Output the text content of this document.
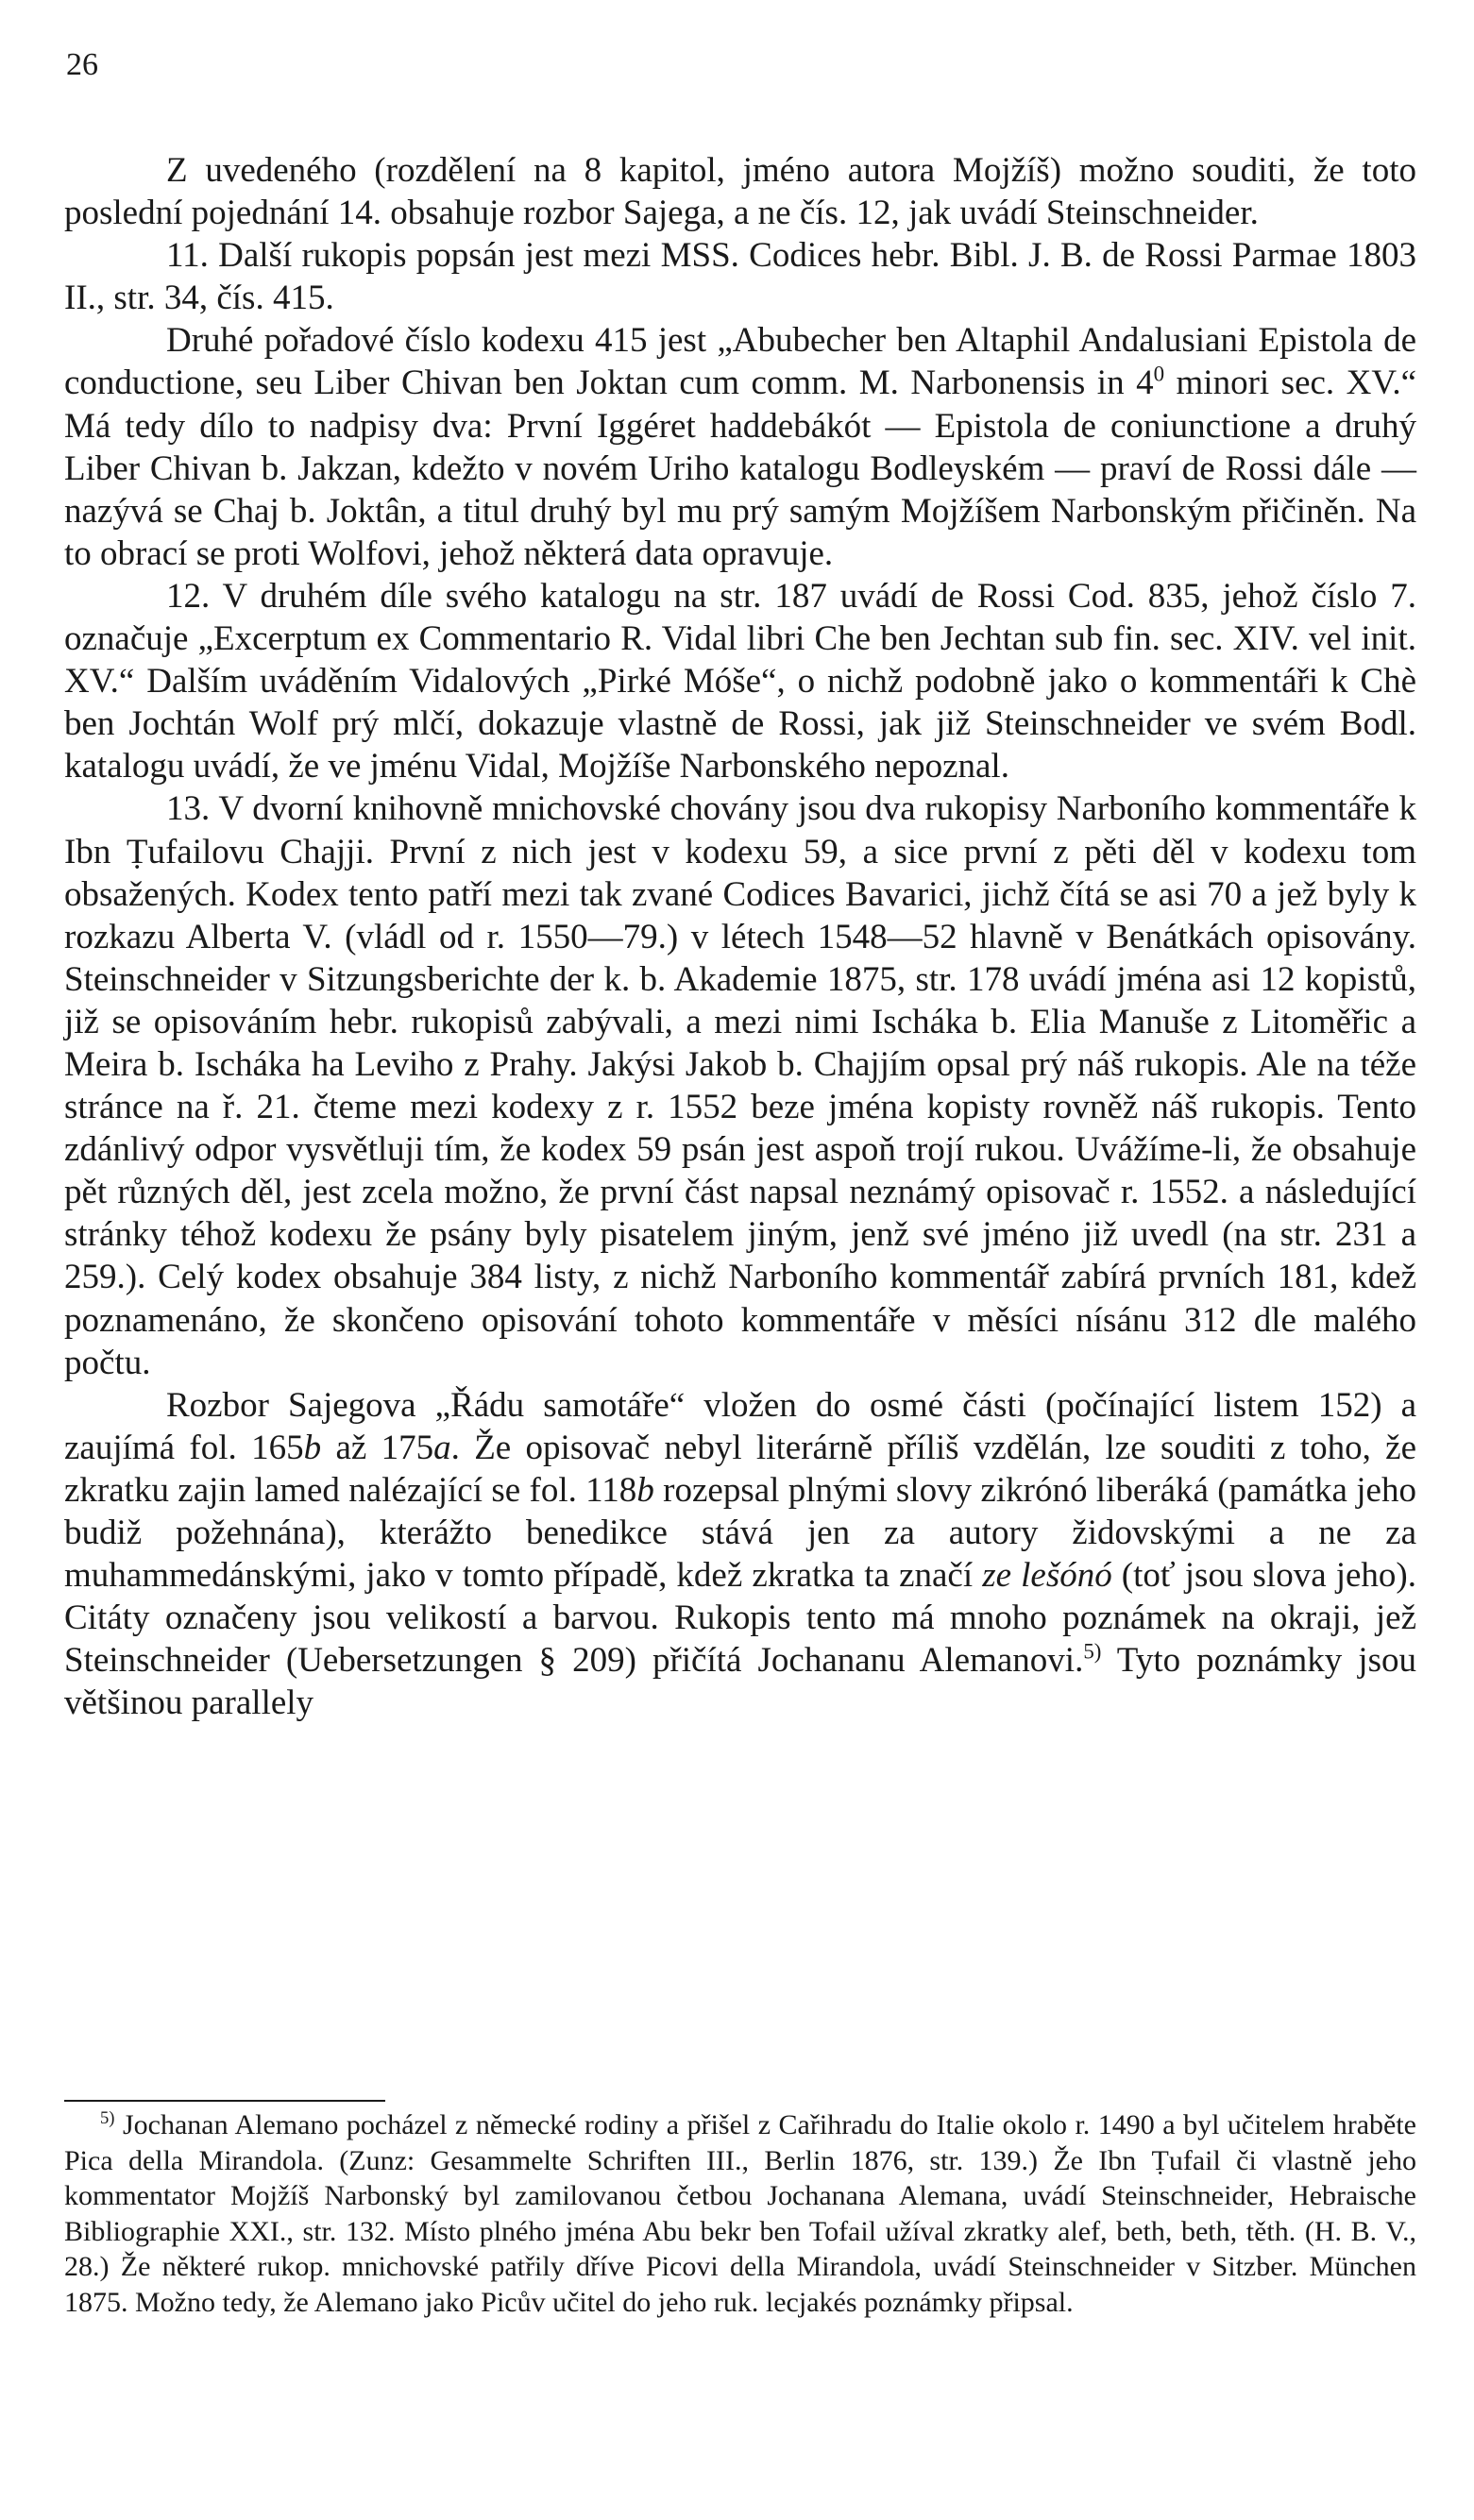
26

Z uvedeného (rozdělení na 8 kapitol, jméno autora Mojžíš) možno souditi, že toto poslední pojednání 14. obsahuje rozbor Sajega, a ne čís. 12, jak uvádí Steinschneider.

11. Další rukopis popsán jest mezi MSS. Codices hebr. Bibl. J. B. de Rossi Parmae 1803 II., str. 34, čís. 415.

Druhé pořadové číslo kodexu 415 jest „Abubecher ben Altaphil Andalusiani Epistola de conductione, seu Liber Chivan ben Joktan cum comm. M. Narbonensis in $4^0$ minori sec. XV.“ Má tedy dílo to nadpisy dva: První Iggéret haddebákót — Epistola de coniunctione a druhý Liber Chivan b. Jakzan, kdežto v novém Uriho katalogu Bodleyském — praví de Rossi dále — nazývá se Chaj b. Joktân, a titul druhý byl mu prý samým Mojžíšem Narbonským přičiněn. Na to obrací se proti Wolfovi, jehož některá data opravuje.

12. V druhém díle svého katalogu na str. 187 uvádí de Rossi Cod. 835, jehož číslo 7. označuje „Excerptum ex Commentario R. Vidal libri Che ben Jechtan sub fin. sec. XIV. vel init. XV.“ Dalším uváděním Vidalových „Pirké Móše“, o nichž podobně jako o kommentáři k Chè ben Jochtán Wolf prý mlčí, dokazuje vlastně de Rossi, jak již Steinschneider ve svém Bodl. katalogu uvádí, že ve jménu Vidal, Mojžíše Narbonského nepoznal.

13. V dvorní knihovně mnichovské chovány jsou dva rukopisy Narboního kommentáře k Ibn Ṭufailovu Chajji. První z nich jest v kodexu 59, a sice první z pěti děl v kodexu tom obsažených. Kodex tento patří mezi tak zvané Codices Bavarici, jichž čítá se asi 70 a jež byly k rozkazu Alberta V. (vládl od r. 1550—79.) v létech 1548—52 hlavně v Benátkách opisovány. Steinschneider v Sitzungsberichte der k. b. Akademie 1875, str. 178 uvádí jména asi 12 kopistů, již se opisováním hebr. rukopisů zabývali, a mezi nimi Ischáka b. Elia Manuše z Litoměřic a Meira b. Ischáka ha Leviho z Prahy. Jakýsi Jakob b. Chajjím opsal prý náš rukopis. Ale na téže stránce na ř. 21. čteme mezi kodexy z r. 1552 beze jména kopisty rovněž náš rukopis. Tento zdánlivý odpor vysvětluji tím, že kodex 59 psán jest aspoň trojí rukou. Uvážíme-li, že obsahuje pět různých děl, jest zcela možno, že první část napsal neznámý opisovač r. 1552. a následující stránky téhož kodexu že psány byly pisatelem jiným, jenž své jméno již uvedl (na str. 231 a 259.). Celý kodex obsahuje 384 listy, z nichž Narboního kommentář zabírá prvních 181, kdež poznamenáno, že skončeno opisování tohoto kommentáře v měsíci nísánu 312 dle malého počtu.

Rozbor Sajegova „Řádu samotáře“ vložen do osmé části (počínající listem 152) a zaujímá fol. 165b až 175a. Že opisovač nebyl literárně příliš vzdělán, lze souditi z toho, že zkratku zajin lamed nalézající se fol. 118b rozepsal plnými slovy zikrónó liberáká (památka jeho budiž požehnána), kterážto benedikce stává jen za autory židovskými a ne za muhammedánskými, jako v tomto případě, kdež zkratka ta značí ze lešónó (toť jsou slova jeho). Citáty označeny jsou velikostí a barvou. Rukopis tento má mnoho poznámek na okraji, jež Steinschneider (Uebersetzungen § 209) přičítá Jochananu Alemanovi.$^{5)}$ Tyto poznámky jsou většinou parallely

$^{5)}$ Jochanan Alemano pocházel z německé rodiny a přišel z Cařihradu do Italie okolo r. 1490 a byl učitelem hraběte Pica della Mirandola. (Zunz: Gesammelte Schriften III., Berlin 1876, str. 139.) Že Ibn Ṭufail či vlastně jeho kommentator Mojžíš Narbonský byl zamilovanou četbou Jochanana Alemana, uvádí Steinschneider, Hebraische Bibliographie XXI., str. 132. Místo plného jména Abu bekr ben Tofail užíval zkratky alef, beth, beth, těth. (H. B. V., 28.) Že některé rukop. mnichovské patřily dříve Picovi della Mirandola, uvádí Steinschneider v Sitzber. München 1875. Možno tedy, že Alemano jako Picův učitel do jeho ruk. lecjakés poznámky připsal.
